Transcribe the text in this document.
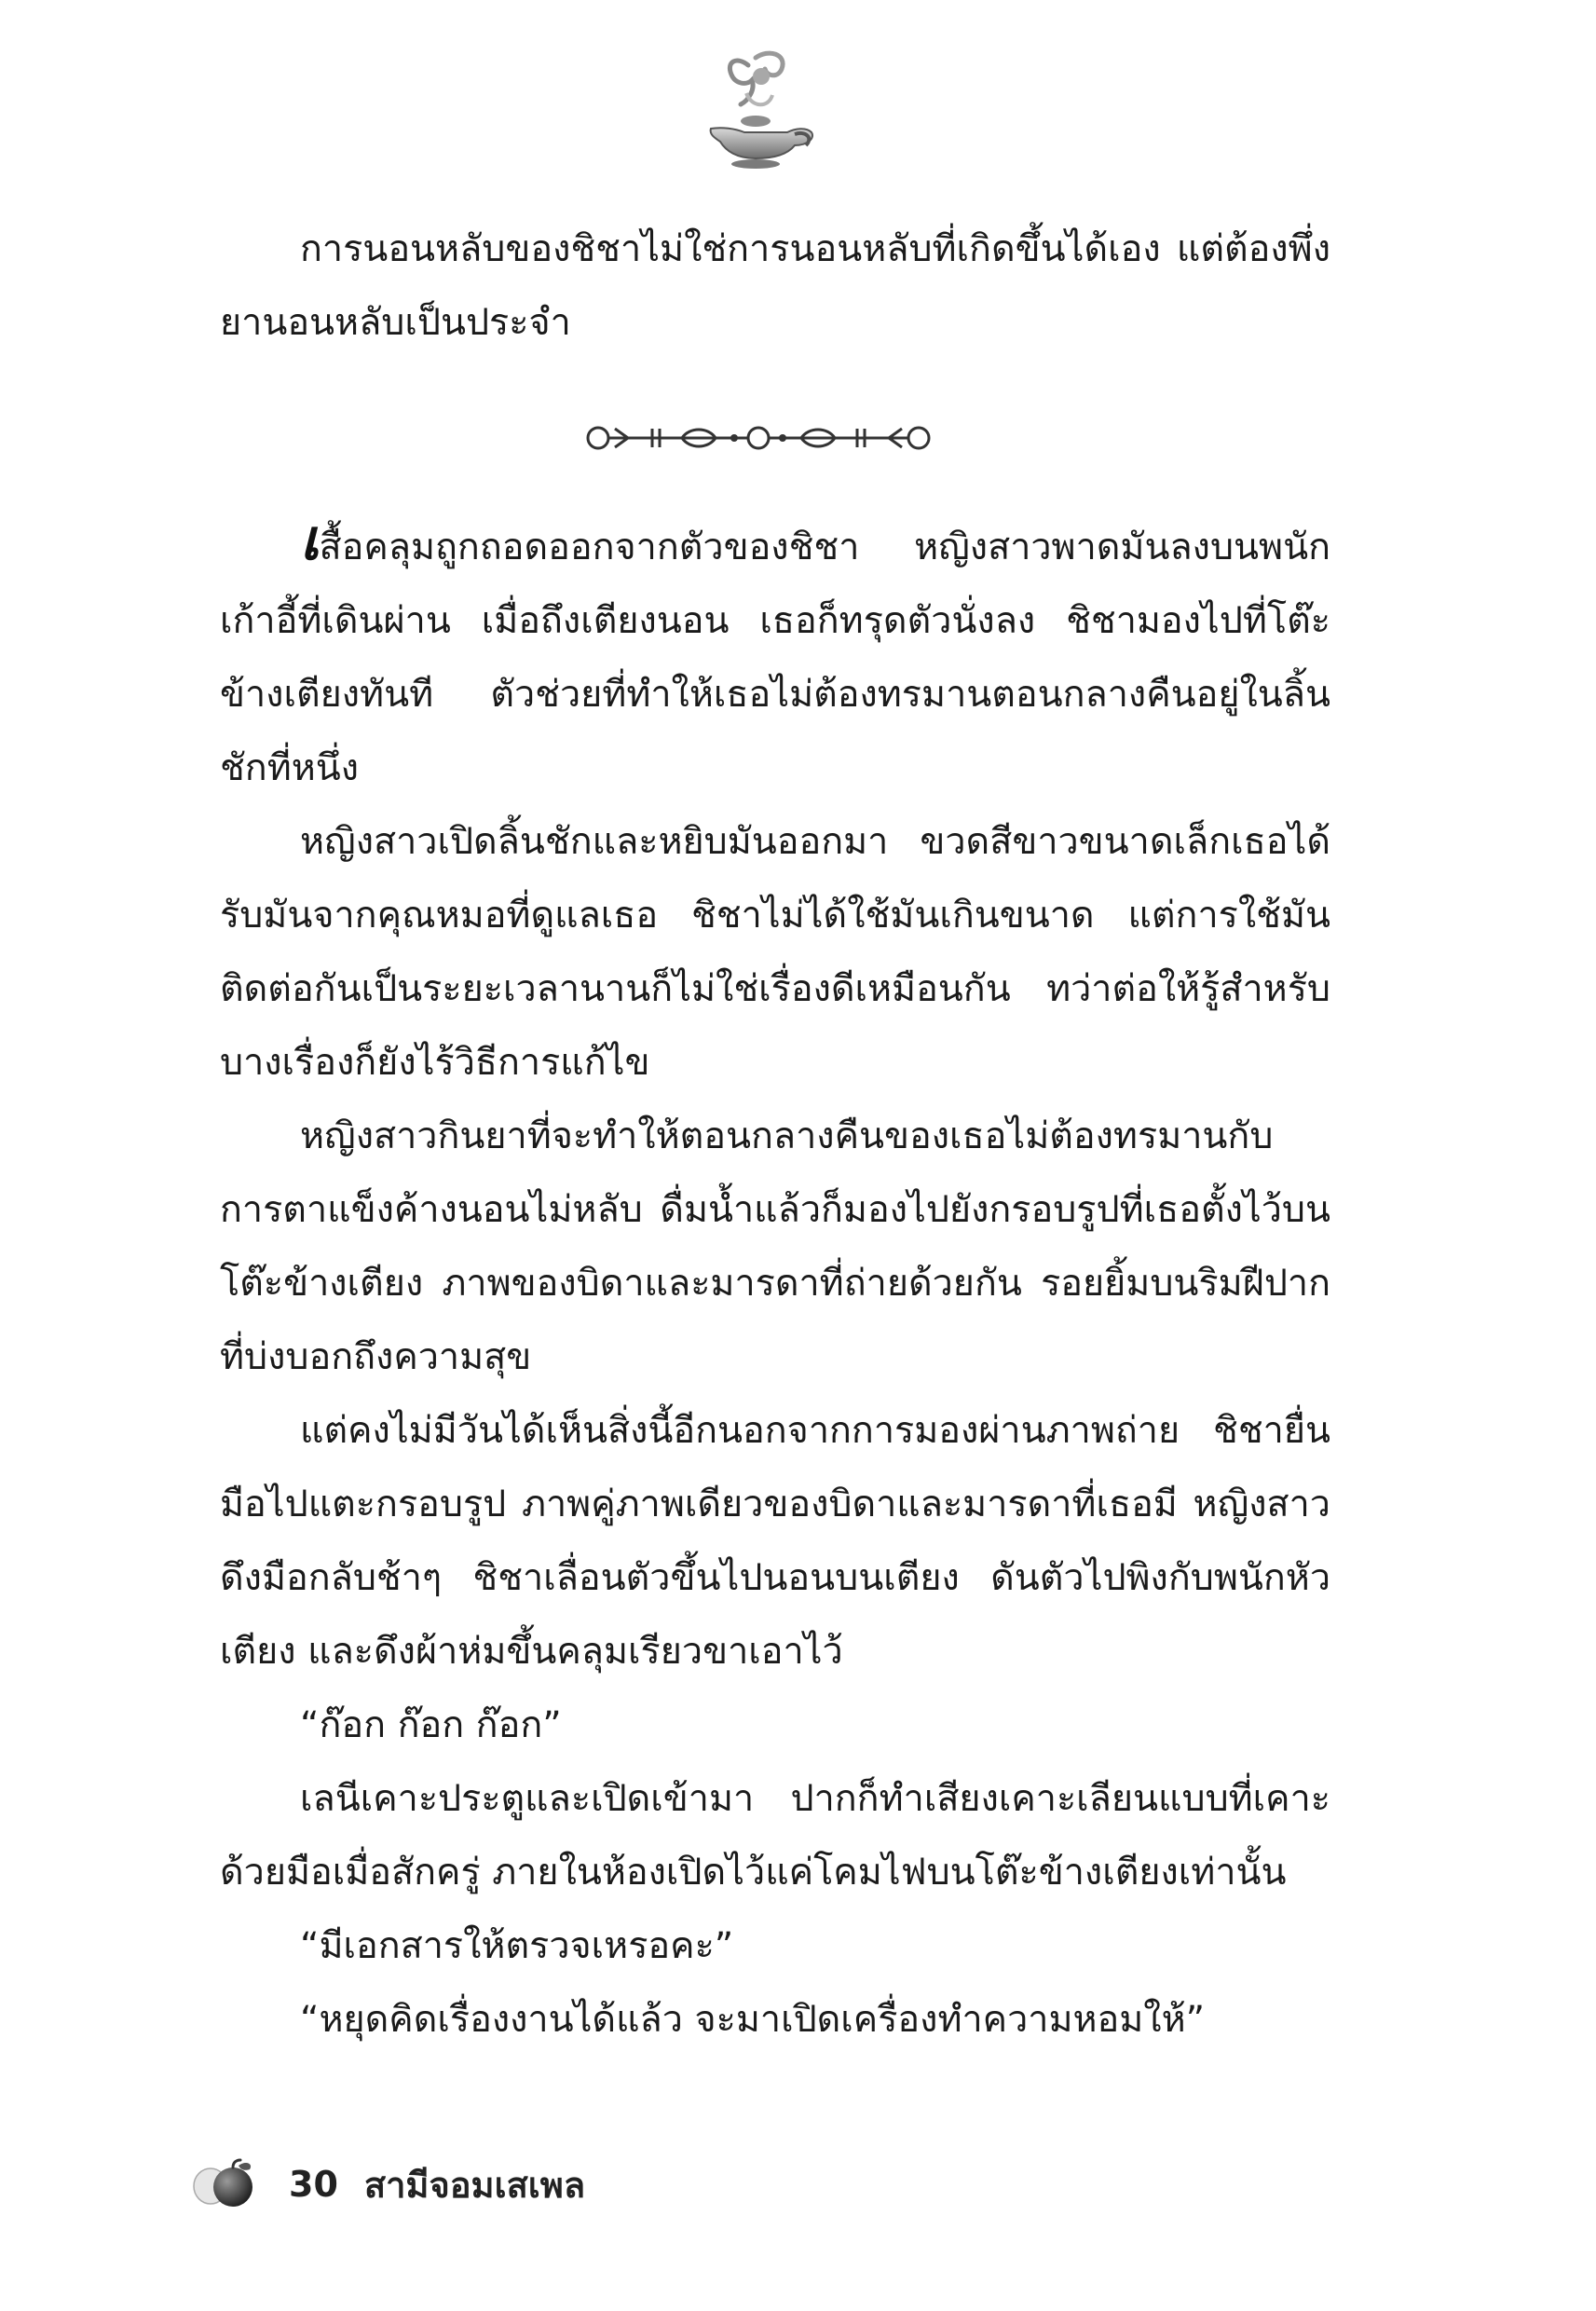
การนอนหลับของชิชาไม่ใช่การนอนหลับที่เกิดขึ้นได้เอง แต่ต้องพึ่งยานอนหลับเป็นประจำ

เสื้อคลุมถูกถอดออกจากตัวของชิชา หญิงสาวพาดมันลงบนพนักเก้าอี้ที่เดินผ่าน เมื่อถึงเตียงนอน เธอก็ทรุดตัวนั่งลง ชิชามองไปที่โต๊ะข้างเตียงทันที ตัวช่วยที่ทำให้เธอไม่ต้องทรมานตอนกลางคืนอยู่ในลิ้นชักที่หนึ่ง

หญิงสาวเปิดลิ้นชักและหยิบมันออกมา ขวดสีขาวขนาดเล็กเธอได้รับมันจากคุณหมอที่ดูแลเธอ ชิชาไม่ได้ใช้มันเกินขนาด แต่การใช้มันติดต่อกันเป็นระยะเวลานานก็ไม่ใช่เรื่องดีเหมือนกัน ทว่าต่อให้รู้สำหรับบางเรื่องก็ยังไร้วิธีการแก้ไข

หญิงสาวกินยาที่จะทำให้ตอนกลางคืนของเธอไม่ต้องทรมานกับการตาแข็งค้างนอนไม่หลับ ดื่มน้ำแล้วก็มองไปยังกรอบรูปที่เธอตั้งไว้บนโต๊ะข้างเตียง ภาพของบิดาและมารดาที่ถ่ายด้วยกัน รอยยิ้มบนริมฝีปากที่บ่งบอกถึงความสุข

แต่คงไม่มีวันได้เห็นสิ่งนี้อีกนอกจากการมองผ่านภาพถ่าย ชิชายื่นมือไปแตะกรอบรูป ภาพคู่ภาพเดียวของบิดาและมารดาที่เธอมี หญิงสาวดึงมือกลับช้าๆ ชิชาเลื่อนตัวขึ้นไปนอนบนเตียง ดันตัวไปพิงกับพนักหัวเตียง และดึงผ้าห่มขึ้นคลุมเรียวขาเอาไว้

“ก๊อก ก๊อก ก๊อก”

เลนีเคาะประตูและเปิดเข้ามา ปากก็ทำเสียงเคาะเลียนแบบที่เคาะด้วยมือเมื่อสักครู่ ภายในห้องเปิดไว้แค่โคมไฟบนโต๊ะข้างเตียงเท่านั้น

“มีเอกสารให้ตรวจเหรอคะ”

“หยุดคิดเรื่องงานได้แล้ว จะมาเปิดเครื่องทำความหอมให้”

30 สามีจอมเสเพล
